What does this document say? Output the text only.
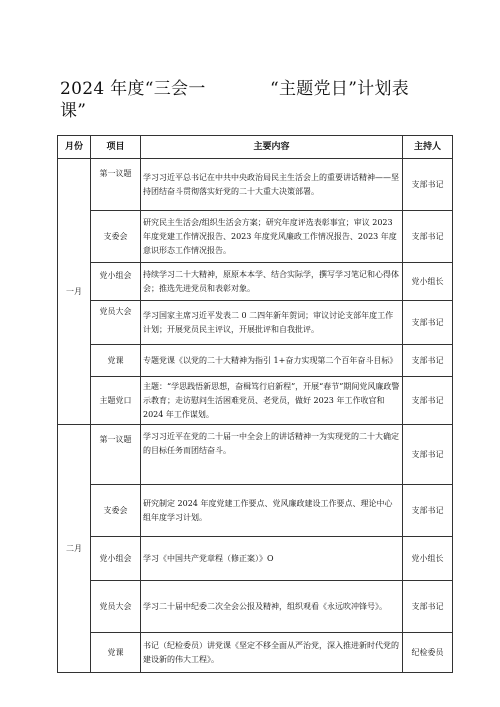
2024 年度“三会一	“主题党日”计划表
课”
月份	项目	主要内容	主持人
一月	第一议题	学习习近平总书记在中共中央政治局民主生活会上的重要讲话精神——坚持团结奋斗贯彻落实好党的二十大重大决策部署。	支部书记
	支委会	研究民主生活会/组织生活会方案；研究年度评选表彰事宜；审议 2023 年度党建工作情况报告、2023 年度党风廉政工作情况报告、2023 年度意识形态工作情况报告。	支部书记
	党小组会	持续学习二十大精神，原原本本学、结合实际学，撰写学习笔记和心得体会；推选先进党员和表彰对象。	党小组长
	党员大会	学习国家主席习近平发表二 0 二四年新年贺词；审议讨论支部年度工作计划；开展党员民主评议，开展批评和自我批评。	支部书记
	党课	专题党课《以党的二十大精神为指引 1+奋力实现第二个百年奋斗目标》	支部书记
	主题党口	主题：“学思践悟新思想，奋楫笃行启新程”，开展“春节”期间党风廉政警示教育；走访慰问生活困难党员、老党员，做好 2023 年工作收官和 2024 年工作谋划。	支部书记
二月	第一议题	学习习近平在党的二十届一中全会上的讲话精神一为实现党的二十大确定的目标任务而团结奋斗。	支部书记
	支委会	研究制定 2024 年度党建工作要点、党风廉政建设工作要点、理论中心组年度学习计划。	支部书记
	党小组会	学习《中国共产党章程（修正案）》O	党小组长
	党员大会	学习二十届中纪委二次全会公报及精神，组织观看《永远吹冲锋号》。	支部书记
	党课	书记（纪检委员）讲党课《坚定不移全面从严治党，深入推进新时代党的建设新的伟大工程》。	纪检委员
